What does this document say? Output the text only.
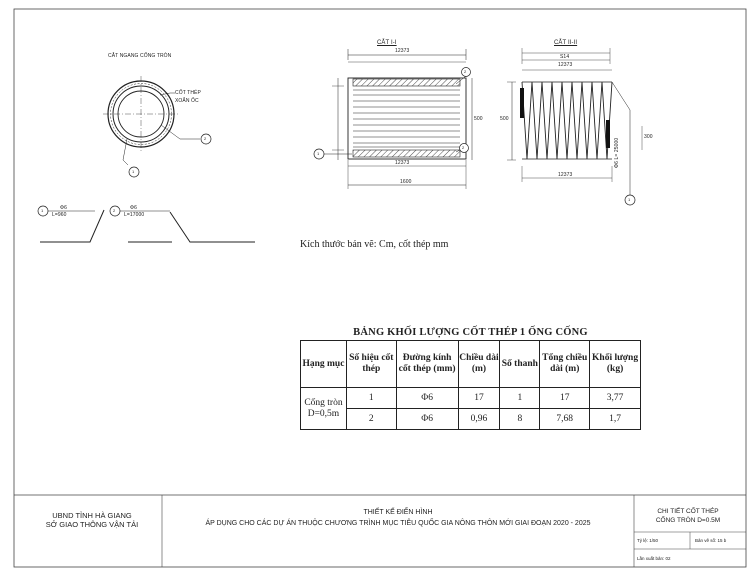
CẮT NGANG CỐNG TRÒN
CỐT THÉP
XOẮN ỐC
2
1
CẮT I-I
12373
12373
1600
500
1
2
2
CẮT II-II
S14
12373
12373
500
300
Φ6 L= 25000
1
1	Φ6
L=960
2	Φ6
L=17000
Kích thước bản vẽ: Cm, cốt thép mm
BẢNG KHỐI LƯỢNG CỐT THÉP 1 ỐNG CỐNG
Hạng mục	Số hiệu cốt thép	Đường kính cốt thép (mm)	Chiều dài (m)	Số thanh	Tổng chiều dài (m)	Khối lượng (kg)
Cống tròn D=0,5m	1	Φ6	17	1	17	3,77
	2	Φ6	0,96	8	7,68	1,7
UBND TỈNH HÀ GIANG
SỞ GIAO THÔNG VẬN TẢI
THIẾT KẾ ĐIỂN HÌNH
ÁP DỤNG CHO CÁC DỰ ÁN THUỘC CHƯƠNG TRÌNH MỤC TIÊU QUỐC GIA NÔNG THÔN MỚI GIAI ĐOẠN 2020 - 2025
CHI TIẾT CỐT THÉP
CỐNG TRÒN D=0.5M
Tỷ lệ: 1/50	Bản vẽ số: 15 b
Lần xuất bản: 02
